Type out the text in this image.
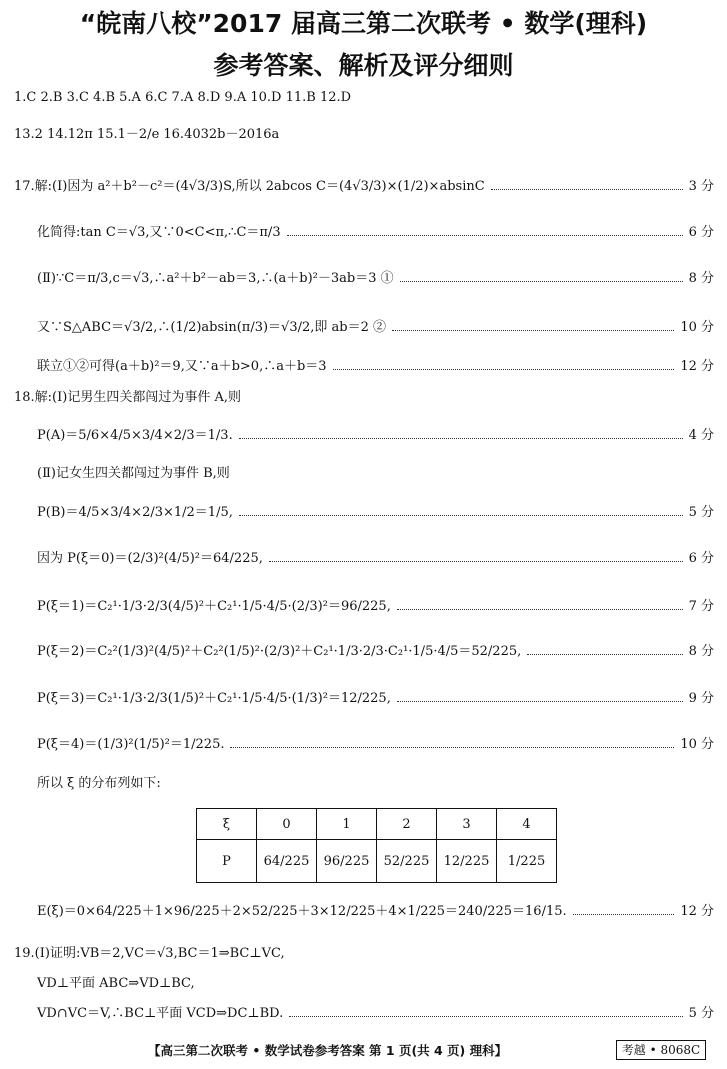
“皖南八校”2017 届高三第二次联考 • 数学(理科)
参考答案、解析及评分细则
1.C 2.B 3.C 4.B 5.A 6.C 7.A 8.D 9.A 10.D 11.B 12.D
13.2 14.12π 15.1－2/e 16.4032b－2016a
17.解:(Ⅰ)因为 a²＋b²－c²＝(4√3/3)S,所以 2abcos C＝(4√3/3)×(1/2)×absinC	3 分
化简得:tan C＝√3,又∵0<C<π,∴C＝π/3	6 分
(Ⅱ)∵C＝π/3,c＝√3,∴a²＋b²－ab＝3,∴(a＋b)²－3ab＝3 ①	8 分
又∵S△ABC＝√3/2,∴(1/2)absin(π/3)＝√3/2,即 ab＝2 ②	10 分
联立①②可得(a＋b)²＝9,又∵a＋b>0,∴a＋b＝3	12 分
18.解:(Ⅰ)记男生四关都闯过为事件 A,则
P(A)＝5/6×4/5×3/4×2/3＝1/3.	4 分
(Ⅱ)记女生四关都闯过为事件 B,则
P(B)＝4/5×3/4×2/3×1/2＝1/5,	5 分
因为 P(ξ＝0)＝(2/3)²(4/5)²＝64/225,	6 分
P(ξ＝1)＝C₂¹·1/3·2/3(4/5)²＋C₂¹·1/5·4/5·(2/3)²＝96/225,	7 分
P(ξ＝2)＝C₂²(1/3)²(4/5)²＋C₂²(1/5)²·(2/3)²＋C₂¹·1/3·2/3·C₂¹·1/5·4/5＝52/225,	8 分
P(ξ＝3)＝C₂¹·1/3·2/3(1/5)²＋C₂¹·1/5·4/5·(1/3)²＝12/225,	9 分
P(ξ＝4)＝(1/3)²(1/5)²＝1/225.	10 分
所以 ξ 的分布列如下:
ξ	0	1	2	3	4
P	64/225	96/225	52/225	12/225	1/225
E(ξ)＝0×64/225＋1×96/225＋2×52/225＋3×12/225＋4×1/225＝240/225＝16/15.	12 分
19.(Ⅰ)证明:VB＝2,VC＝√3,BC＝1⇒BC⊥VC,
VD⊥平面 ABC⇒VD⊥BC,
VD∩VC＝V,∴BC⊥平面 VCD⇒DC⊥BD.	5 分
【高三第二次联考 • 数学试卷参考答案 第 1 页(共 4 页) 理科】	考越 • 8068C
